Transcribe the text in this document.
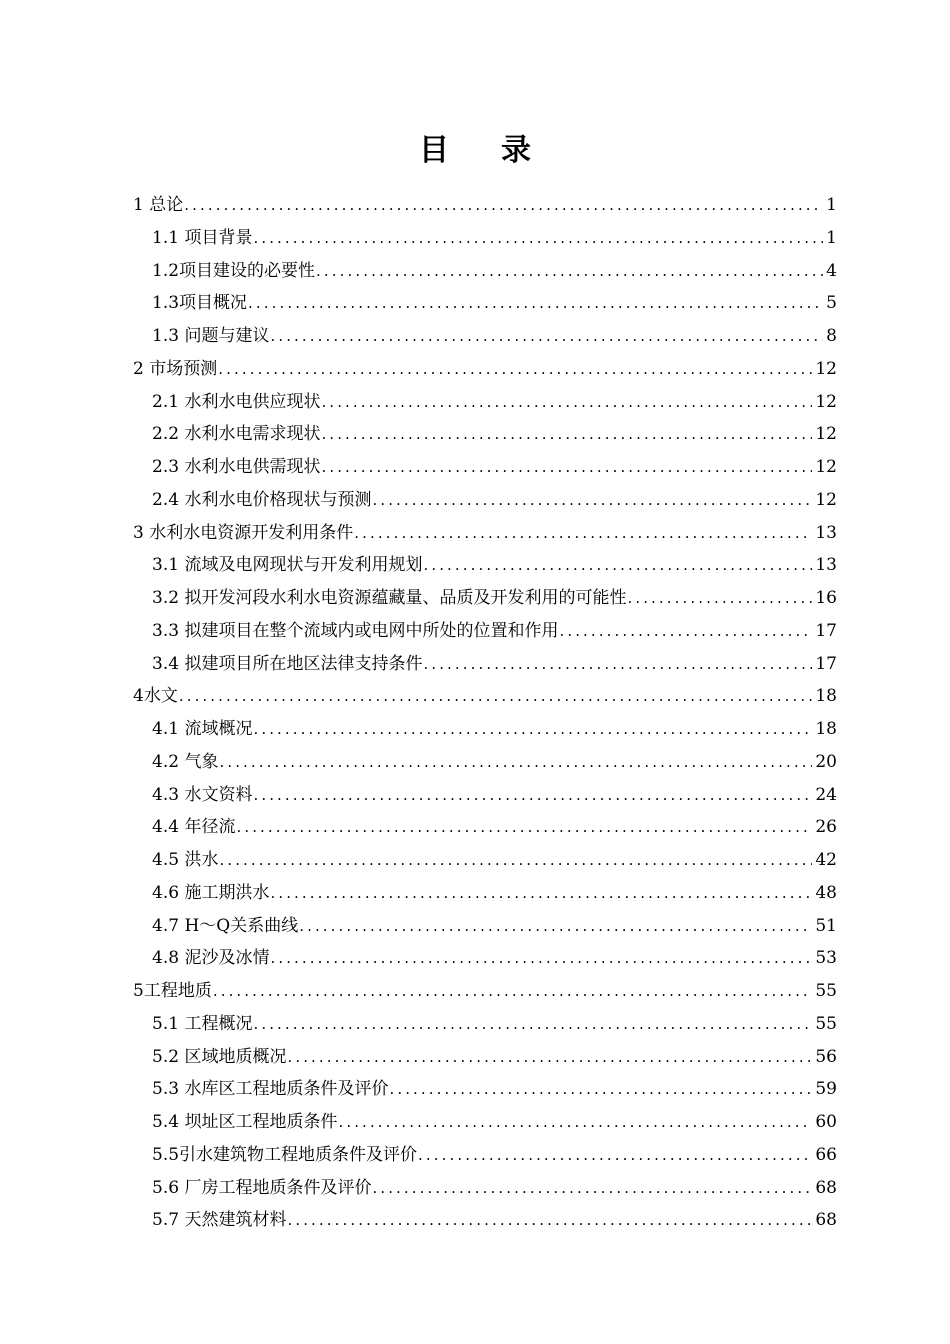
目 录
1 总论 .....	1
1.1 项目背景 .....	1
1.2项目建设的必要性 .....	4
1.3项目概况 .....	5
1.3 问题与建议 .....	8
2 市场预测 .....	12
2.1 水利水电供应现状 .....	12
2.2 水利水电需求现状 .....	12
2.3 水利水电供需现状 .....	12
2.4 水利水电价格现状与预测 .....	12
3 水利水电资源开发利用条件 .....	13
3.1 流域及电网现状与开发利用规划 .....	13
3.2 拟开发河段水利水电资源蕴藏量、品质及开发利用的可能性 .....	16
3.3 拟建项目在整个流域内或电网中所处的位置和作用 .....	17
3.4 拟建项目所在地区法律支持条件 .....	17
4水文 .....	18
4.1 流域概况 .....	18
4.2 气象 .....	20
4.3 水文资料 .....	24
4.4 年径流 .....	26
4.5 洪水 .....	42
4.6 施工期洪水 .....	48
4.7 H～Q关系曲线 .....	51
4.8 泥沙及冰情 .....	53
5工程地质 .....	55
5.1 工程概况 .....	55
5.2 区域地质概况 .....	56
5.3 水库区工程地质条件及评价 .....	59
5.4 坝址区工程地质条件 .....	60
5.5引水建筑物工程地质条件及评价 .....	66
5.6 厂房工程地质条件及评价 .....	68
5.7 天然建筑材料 .....	68
